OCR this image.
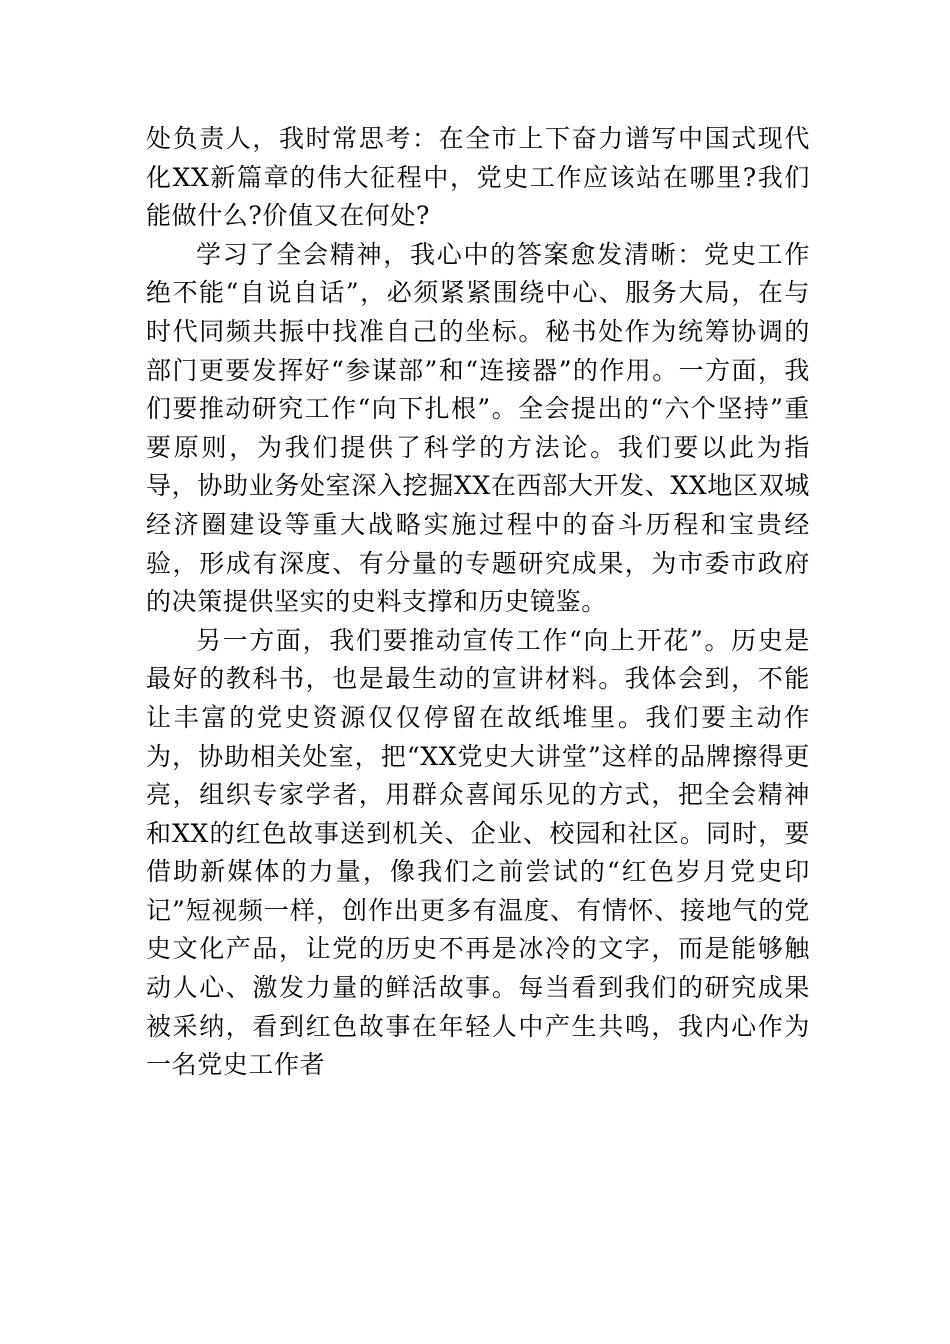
处负责人，我时常思考：在全市上下奋力谱写中国式现代化XX新篇章的伟大征程中，党史工作应该站在哪里?我们能做什么?价值又在何处?

学习了全会精神，我心中的答案愈发清晰：党史工作绝不能“自说自话”，必须紧紧围绕中心、服务大局，在与时代同频共振中找准自己的坐标。秘书处作为统筹协调的部门更要发挥好“参谋部”和“连接器”的作用。一方面，我们要推动研究工作“向下扎根”。全会提出的“六个坚持”重要原则，为我们提供了科学的方法论。我们要以此为指导，协助业务处室深入挖掘XX在西部大开发、XX地区双城经济圈建设等重大战略实施过程中的奋斗历程和宝贵经验，形成有深度、有分量的专题研究成果，为市委市政府的决策提供坚实的史料支撑和历史镜鉴。

另一方面，我们要推动宣传工作“向上开花”。历史是最好的教科书，也是最生动的宣讲材料。我体会到，不能让丰富的党史资源仅仅停留在故纸堆里。我们要主动作为，协助相关处室，把“XX党史大讲堂”这样的品牌擦得更亮，组织专家学者，用群众喜闻乐见的方式，把全会精神和XX的红色故事送到机关、企业、校园和社区。同时，要借助新媒体的力量，像我们之前尝试的“红色岁月党史印记”短视频一样，创作出更多有温度、有情怀、接地气的党史文化产品，让党的历史不再是冰冷的文字，而是能够触动人心、激发力量的鲜活故事。每当看到我们的研究成果被采纳，看到红色故事在年轻人中产生共鸣，我内心作为一名党史工作者
